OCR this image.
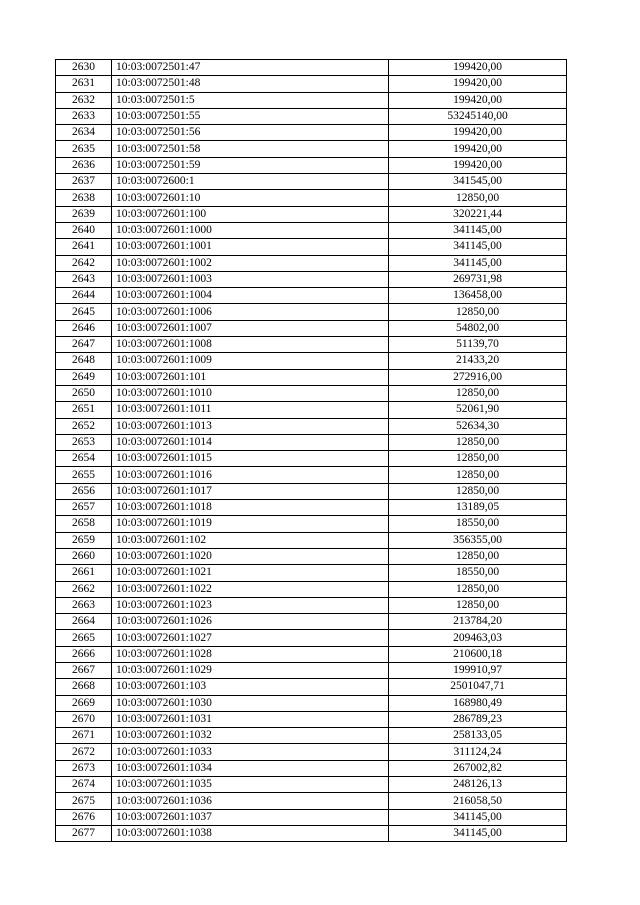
2630	10:03:0072501:47	199420,00
2631	10:03:0072501:48	199420,00
2632	10:03:0072501:5	199420,00
2633	10:03:0072501:55	53245140,00
2634	10:03:0072501:56	199420,00
2635	10:03:0072501:58	199420,00
2636	10:03:0072501:59	199420,00
2637	10:03:0072600:1	341545,00
2638	10:03:0072601:10	12850,00
2639	10:03:0072601:100	320221,44
2640	10:03:0072601:1000	341145,00
2641	10:03:0072601:1001	341145,00
2642	10:03:0072601:1002	341145,00
2643	10:03:0072601:1003	269731,98
2644	10:03:0072601:1004	136458,00
2645	10:03:0072601:1006	12850,00
2646	10:03:0072601:1007	54802,00
2647	10:03:0072601:1008	51139,70
2648	10:03:0072601:1009	21433,20
2649	10:03:0072601:101	272916,00
2650	10:03:0072601:1010	12850,00
2651	10:03:0072601:1011	52061,90
2652	10:03:0072601:1013	52634,30
2653	10:03:0072601:1014	12850,00
2654	10:03:0072601:1015	12850,00
2655	10:03:0072601:1016	12850,00
2656	10:03:0072601:1017	12850,00
2657	10:03:0072601:1018	13189,05
2658	10:03:0072601:1019	18550,00
2659	10:03:0072601:102	356355,00
2660	10:03:0072601:1020	12850,00
2661	10:03:0072601:1021	18550,00
2662	10:03:0072601:1022	12850,00
2663	10:03:0072601:1023	12850,00
2664	10:03:0072601:1026	213784,20
2665	10:03:0072601:1027	209463,03
2666	10:03:0072601:1028	210600,18
2667	10:03:0072601:1029	199910,97
2668	10:03:0072601:103	2501047,71
2669	10:03:0072601:1030	168980,49
2670	10:03:0072601:1031	286789,23
2671	10:03:0072601:1032	258133,05
2672	10:03:0072601:1033	311124,24
2673	10:03:0072601:1034	267002,82
2674	10:03:0072601:1035	248126,13
2675	10:03:0072601:1036	216058,50
2676	10:03:0072601:1037	341145,00
2677	10:03:0072601:1038	341145,00
